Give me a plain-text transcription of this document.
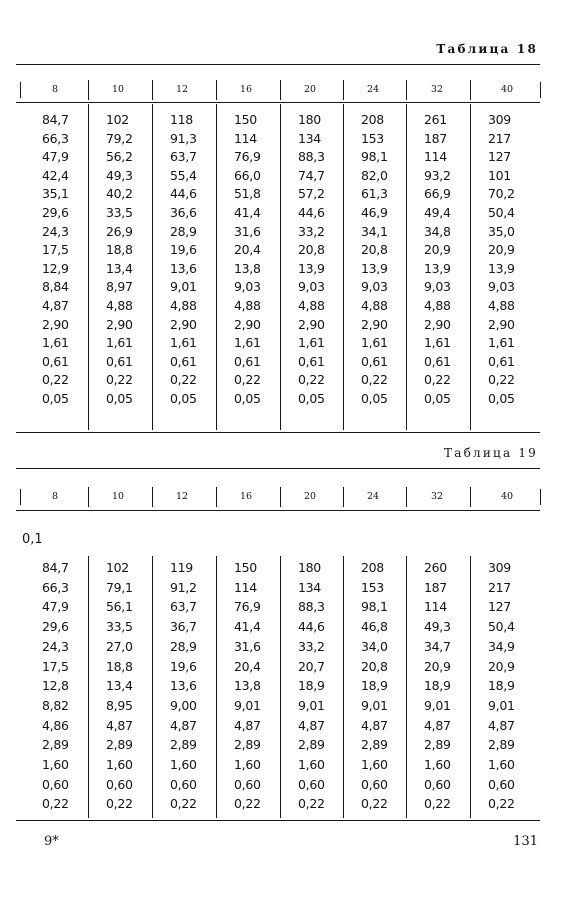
Таблица 18
8	10	12	16	20	24	32	40
84,7	102	118	150	180	208	261	309
66,3	79,2	91,3	114	134	153	187	217
47,9	56,2	63,7	76,9	88,3	98,1	114	127
42,4	49,3	55,4	66,0	74,7	82,0	93,2	101
35,1	40,2	44,6	51,8	57,2	61,3	66,9	70,2
29,6	33,5	36,6	41,4	44,6	46,9	49,4	50,4
24,3	26,9	28,9	31,6	33,2	34,1	34,8	35,0
17,5	18,8	19,6	20,4	20,8	20,8	20,9	20,9
12,9	13,4	13,6	13,8	13,9	13,9	13,9	13,9
8,84	8,97	9,01	9,03	9,03	9,03	9,03	9,03
4,87	4,88	4,88	4,88	4,88	4,88	4,88	4,88
2,90	2,90	2,90	2,90	2,90	2,90	2,90	2,90
1,61	1,61	1,61	1,61	1,61	1,61	1,61	1,61
0,61	0,61	0,61	0,61	0,61	0,61	0,61	0,61
0,22	0,22	0,22	0,22	0,22	0,22	0,22	0,22
0,05	0,05	0,05	0,05	0,05	0,05	0,05	0,05
Таблица 19
8	10	12	16	20	24	32	40
0,1
84,7	102	119	150	180	208	260	309
66,3	79,1	91,2	114	134	153	187	217
47,9	56,1	63,7	76,9	88,3	98,1	114	127
29,6	33,5	36,7	41,4	44,6	46,8	49,3	50,4
24,3	27,0	28,9	31,6	33,2	34,0	34,7	34,9
17,5	18,8	19,6	20,4	20,7	20,8	20,9	20,9
12,8	13,4	13,6	13,8	18,9	18,9	18,9	18,9
8,82	8,95	9,00	9,01	9,01	9,01	9,01	9,01
4,86	4,87	4,87	4,87	4,87	4,87	4,87	4,87
2,89	2,89	2,89	2,89	2,89	2,89	2,89	2,89
1,60	1,60	1,60	1,60	1,60	1,60	1,60	1,60
0,60	0,60	0,60	0,60	0,60	0,60	0,60	0,60
0,22	0,22	0,22	0,22	0,22	0,22	0,22	0,22
9*	131
